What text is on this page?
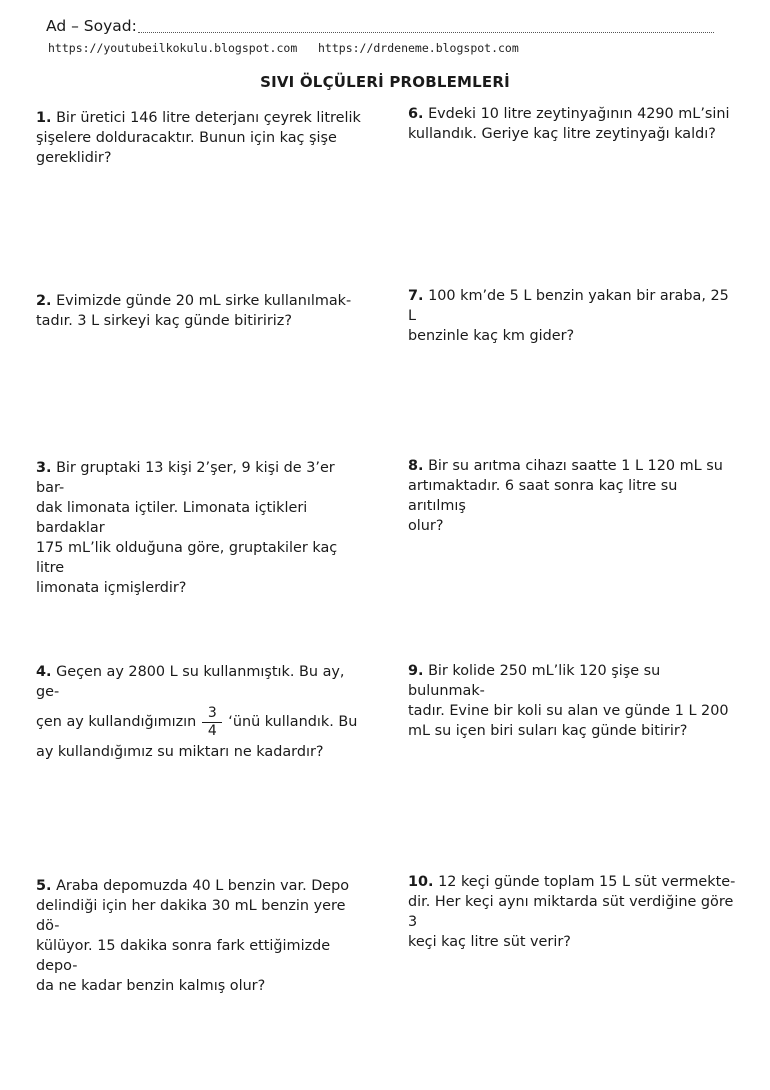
Ad – Soyad:
https://youtubeilkokulu.blogspot.com https://drdeneme.blogspot.com
SIVI ÖLÇÜLERİ PROBLEMLERİ
1. Bir üretici 146 litre deterjanı çeyrek litrelik
şişelere dolduracaktır. Bunun için kaç şişe
gereklidir?
6. Evdeki 10 litre zeytinyağının 4290 mL’sini
kullandık. Geriye kaç litre zeytinyağı kaldı?
2. Evimizde günde 20 mL sirke kullanılmak-
tadır. 3 L sirkeyi kaç günde bitiririz?
7. 100 km’de 5 L benzin yakan bir araba, 25 L
benzinle kaç km gider?
3. Bir gruptaki 13 kişi 2’şer, 9 kişi de 3’er bar-
dak limonata içtiler. Limonata içtikleri bardaklar
175 mL’lik olduğuna göre, gruptakiler kaç litre
limonata içmişlerdir?
8. Bir su arıtma cihazı saatte 1 L 120 mL su
artımaktadır. 6 saat sonra kaç litre su arıtılmış
olur?
4. Geçen ay 2800 L su kullanmıştık. Bu ay, ge-
çen ay kullandığımızın $\frac{3}{4}$ ‘ünü kullandık. Bu
ay kullandığımız su miktarı ne kadardır?
9. Bir kolide 250 mL’lik 120 şişe su bulunmak-
tadır. Evine bir koli su alan ve günde 1 L 200
mL su içen biri suları kaç günde bitirir?
5. Araba depomuzda 40 L benzin var. Depo
delindiği için her dakika 30 mL benzin yere dö-
külüyor. 15 dakika sonra fark ettiğimizde depo-
da ne kadar benzin kalmış olur?
10. 12 keçi günde toplam 15 L süt vermekte-
dir. Her keçi aynı miktarda süt verdiğine göre 3
keçi kaç litre süt verir?
